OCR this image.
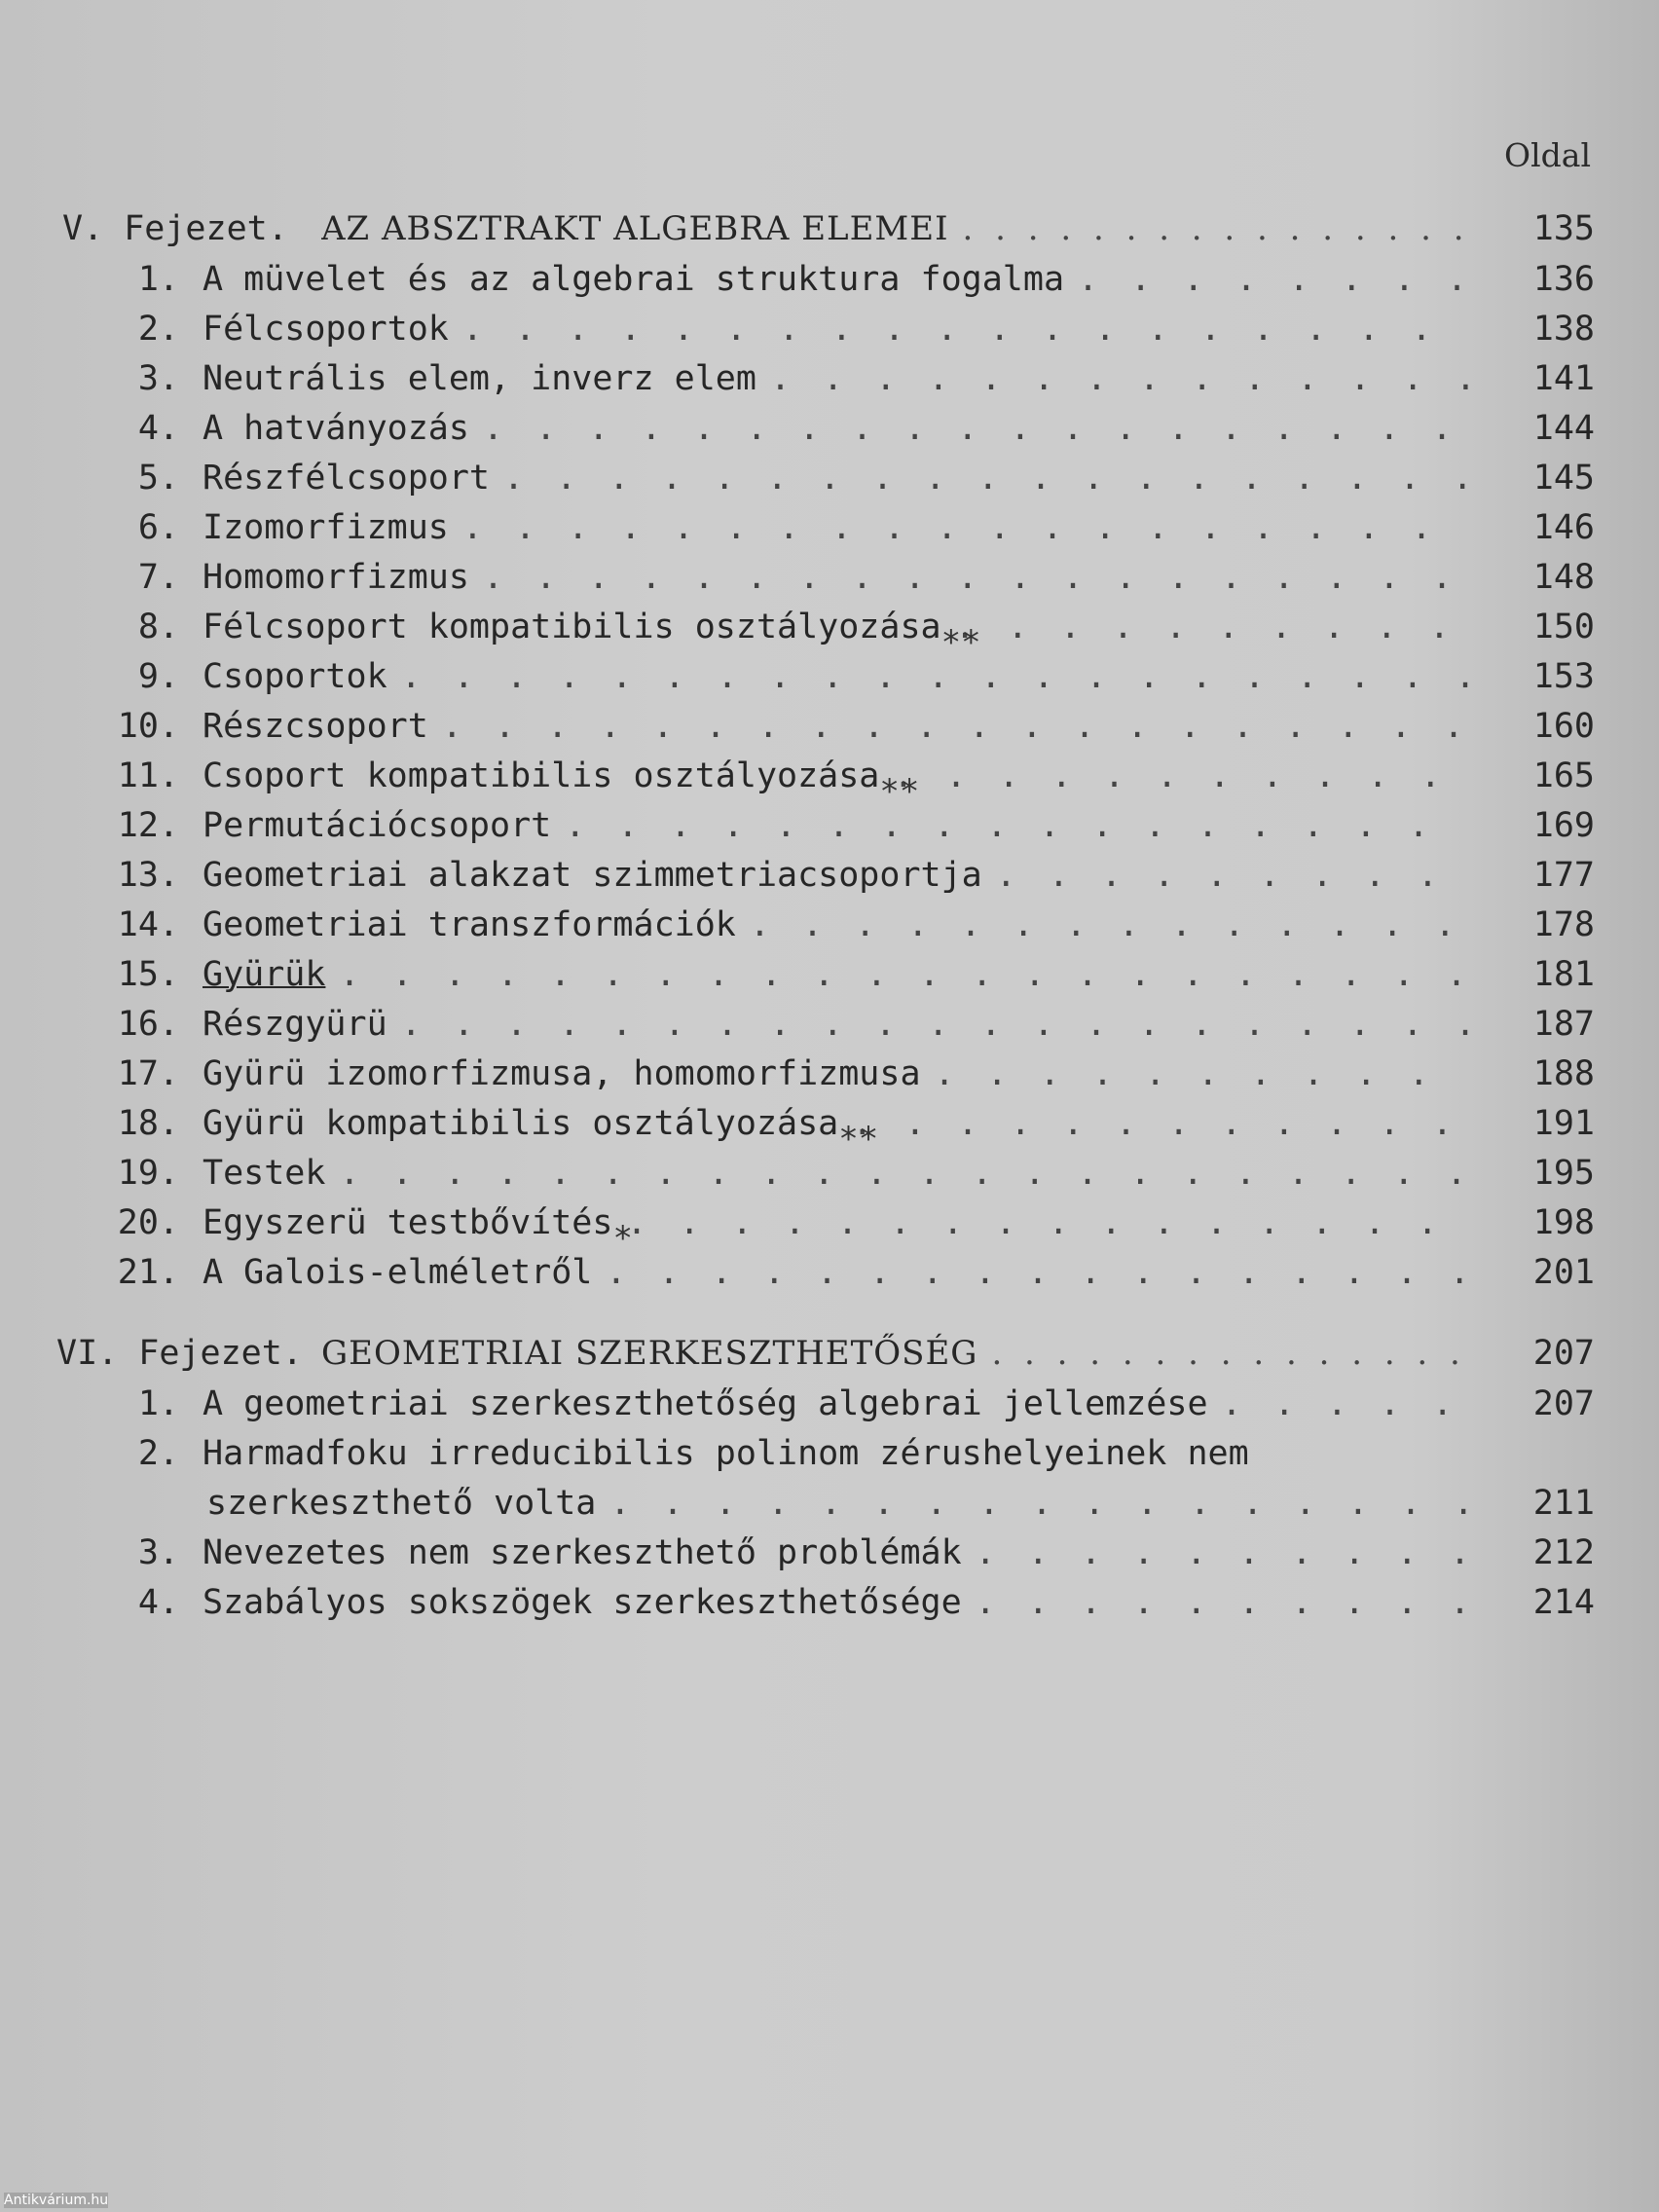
Oldal
V. Fejezet. AZ ABSZTRAKT ALGEBRA ELEMEI . . .	135
1. A müvelet és az algebrai struktura fogalma . . .	136
2. Félcsoportok . . .	138
3. Neutrális elem, inverz elem . . .	141
4. A hatványozás . . .	144
5. Részfélcsoport . . .	145
6. Izomorfizmus . . .	146
7. Homomorfizmus . . .	148
8. Félcsoport kompatibilis osztályozása ** . . .	150
9. Csoportok . . .	153
10. Részcsoport . . .	160
11. Csoport kompatibilis osztályozása ** . . .	165
12. Permutációcsoport . . .	169
13. Geometriai alakzat szimmetriacsoportja . . .	177
14. Geometriai transzformációk . . .	178
15. Gyürük . . .	181
16. Részgyürü . . .	187
17. Gyürü izomorfizmusa, homomorfizmusa . . .	188
18. Gyürü kompatibilis osztályozása ** . . .	191
19. Testek . . .	195
20. Egyszerü testbővítés * . . .	198
21. A Galois-elméletről . . .	201
VI. Fejezet. GEOMETRIAI SZERKESZTHETŐSÉG . . .	207
1. A geometriai szerkeszthetőség algebrai jellemzése . . .	207
2. Harmadfoku irreducibilis polinom zérushelyeinek nem
szerkeszthető volta . . .	211
3. Nevezetes nem szerkeszthető problémák . . .	212
4. Szabályos sokszögek szerkeszthetősége . . .	214
Antikvárium.hu
